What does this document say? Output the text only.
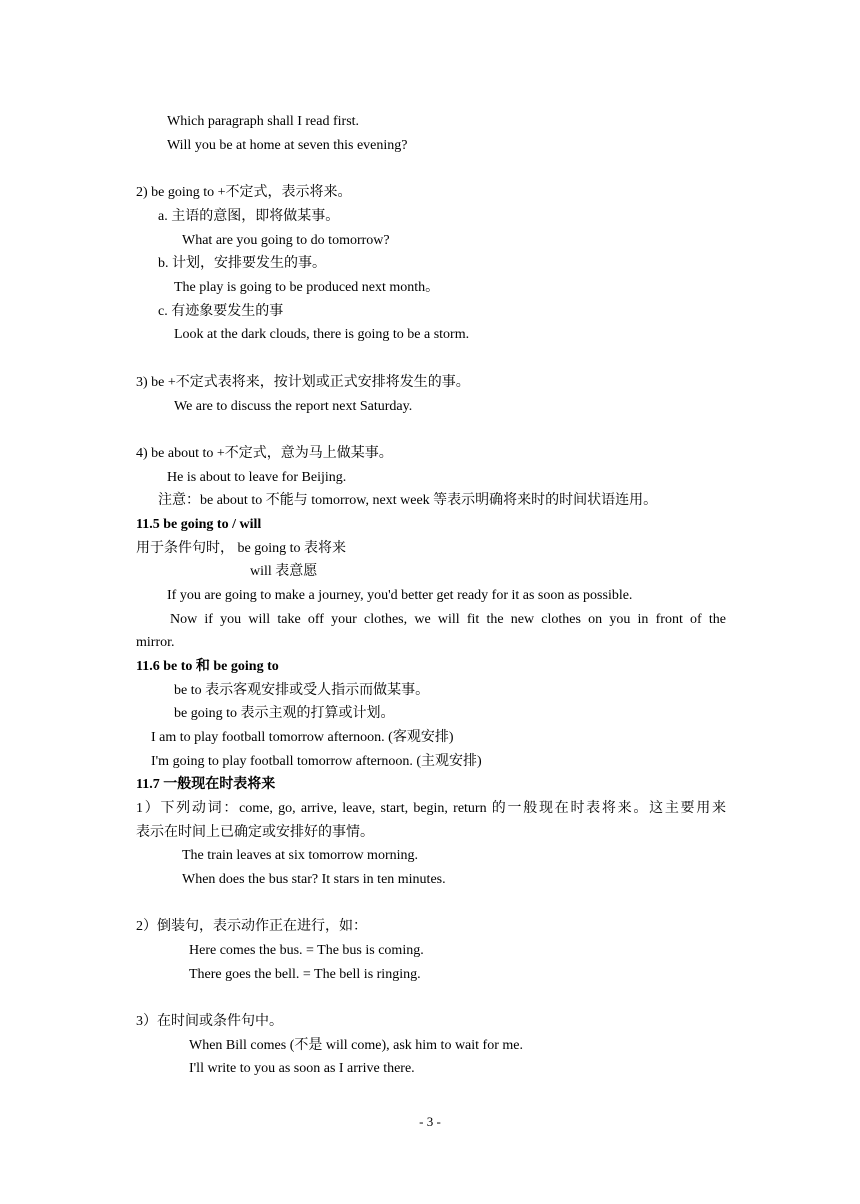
Which paragraph shall I read first.
Will you be at home at seven this evening?
2) be going to +不定式，表示将来。
a. 主语的意图，即将做某事。
What are you going to do tomorrow?
b. 计划，安排要发生的事。
The play is going to be produced next month。
c. 有迹象要发生的事
Look at the dark clouds, there is going to be a storm.
3) be +不定式表将来，按计划或正式安排将发生的事。
We are to discuss the report next Saturday.
4) be about to +不定式，意为马上做某事。
He is about to leave for Beijing.
注意：be about to 不能与 tomorrow, next week 等表示明确将来时的时间状语连用。
11.5 be going to / will
用于条件句时， be going to 表将来
will 表意愿
If you are going to make a journey, you'd better get ready for it as soon as possible.
Now if you will take off your clothes, we will fit the new clothes on you in front of the
mirror.
11.6 be to 和 be going to
be to 表示客观安排或受人指示而做某事。
be going to 表示主观的打算或计划。
I am to play football tomorrow afternoon. (客观安排)
I'm going to play football tomorrow afternoon. (主观安排)
11.7 一般现在时表将来
1）下列动词：come, go, arrive, leave, start, begin, return 的一般现在时表将来。这主要用来
表示在时间上已确定或安排好的事情。
The train leaves at six tomorrow morning.
When does the bus star? It stars in ten minutes.
2）倒装句，表示动作正在进行，如：
Here comes the bus. = The bus is coming.
There goes the bell. = The bell is ringing.
3）在时间或条件句中。
When Bill comes (不是 will come), ask him to wait for me.
I'll write to you as soon as I arrive there.
- 3 -
